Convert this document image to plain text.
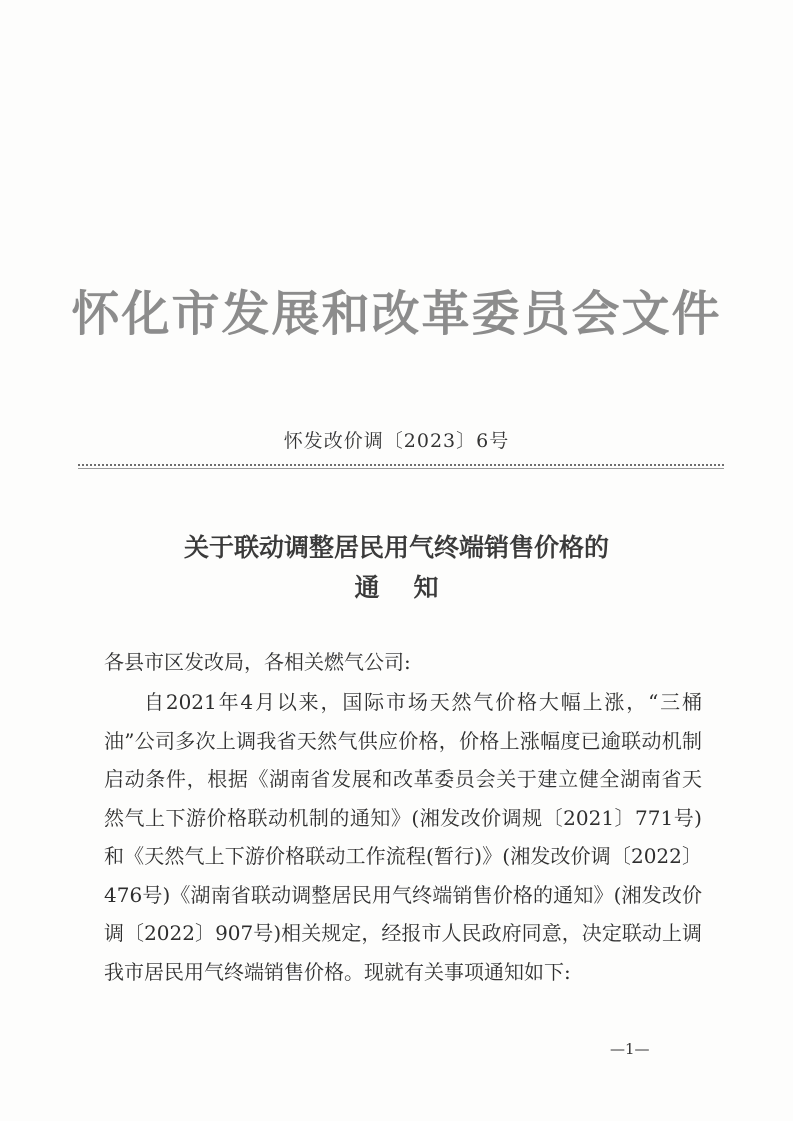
怀化市发展和改革委员会文件
怀发改价调〔2023〕6号
关于联动调整居民用气终端销售价格的
通知
各县市区发改局，各相关燃气公司:
自2021年4月以来，国际市场天然气价格大幅上涨，“三桶油”公司多次上调我省天然气供应价格，价格上涨幅度已逾联动机制启动条件，根据《湖南省发展和改革委员会关于建立健全湖南省天然气上下游价格联动机制的通知》(湘发改价调规〔2021〕771号)和《天然气上下游价格联动工作流程(暂行)》(湘发改价调〔2022〕476号)《湖南省联动调整居民用气终端销售价格的通知》(湘发改价调〔2022〕907号)相关规定，经报市人民政府同意，决定联动上调我市居民用气终端销售价格。现就有关事项通知如下:
—1—
